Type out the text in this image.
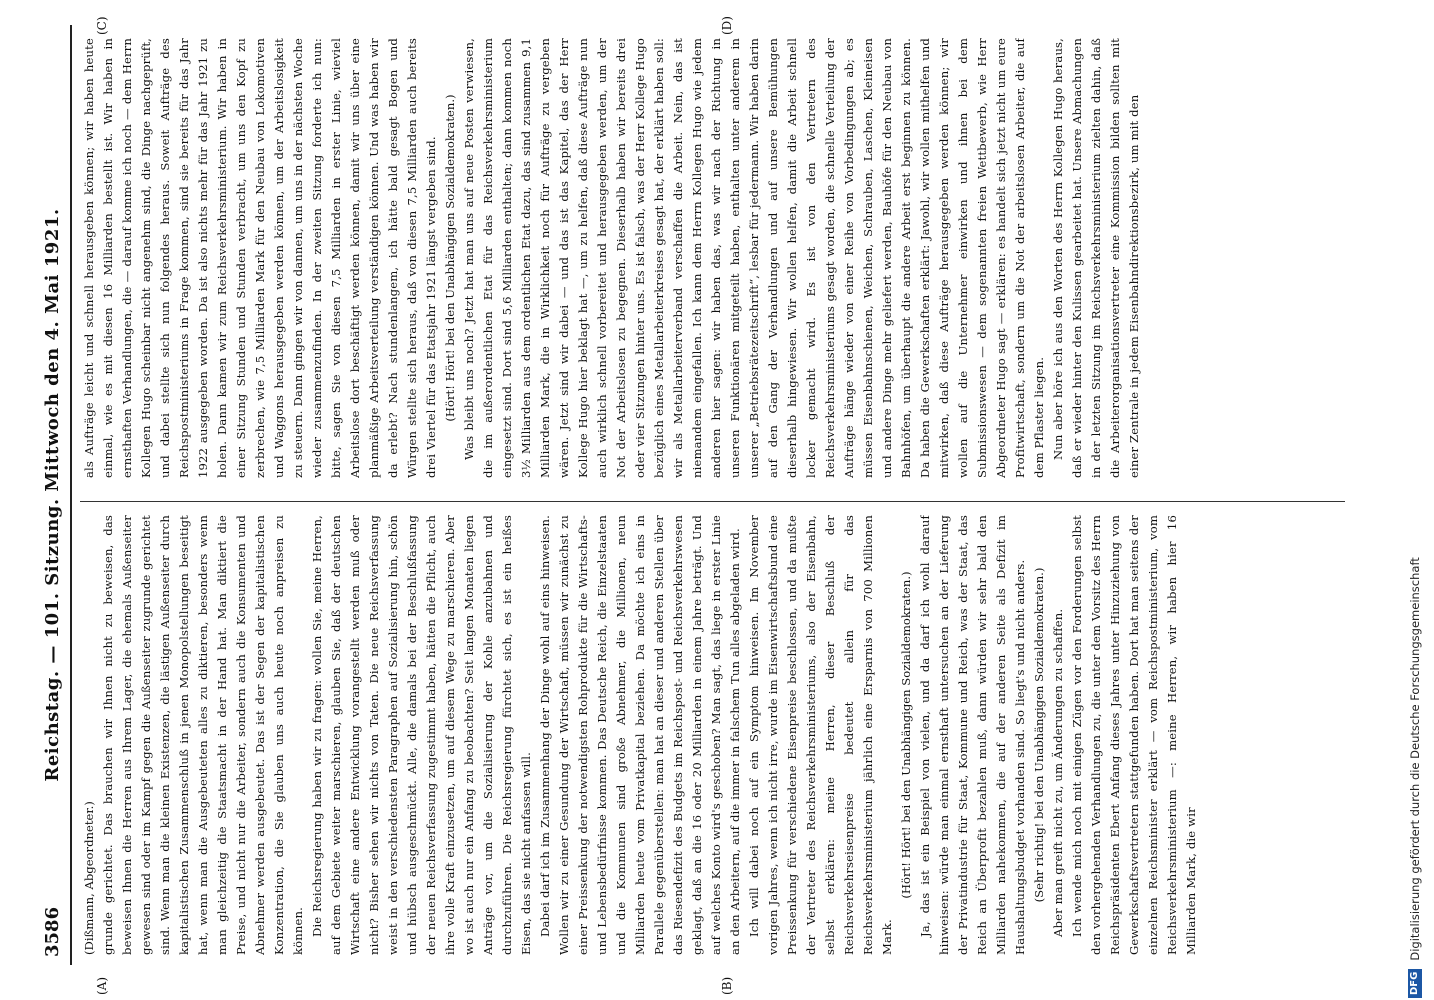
3586
Reichstag. — 101. Sitzung. Mittwoch den 4. Mai 1921.
(A)	(B)
(C)	(D)

(Dißmann, Abgeordneter.) grunde gerichtet. Das brauchen wir Ihnen nicht zu beweisen, das beweisen Ihnen die Herren aus Ihrem Lager, die ehemals Außenseiter gewesen sind oder im Kampf gegen die Außenseiter zugrunde gerichtet sind. Wenn man die kleinen Existenzen, die lästigen Außenseiter durch kapitalistischen Zusammenschluß in jenen Monopolstellungen beseitigt hat, wenn man die Ausgebeuteten alles zu diktieren, besonders wenn man gleichzeitig die Staatsmacht in der Hand hat. Man diktiert die Preise, und nicht nur die Arbeiter, sondern auch die Konsumenten und Abnehmer werden ausgebeutet. Das ist der Segen der kapitalistischen Konzentration, die Sie glauben uns auch heute noch anpreisen zu können. Die Reichsregierung haben wir zu fragen: wollen Sie, meine Herren, auf dem Gebiete weiter marschieren, glauben Sie, daß der deutschen Wirtschaft eine andere Entwicklung vorangestellt werden muß oder nicht? Bisher sehen wir nichts von Taten. Die neue Reichsverfassung weist in den verschiedensten Paragraphen auf Sozialisierung hin, schön und hübsch ausgeschmückt. Alle, die damals bei der Beschlußfassung der neuen Reichsverfassung zugestimmt haben, hätten die Pflicht, auch ihre volle Kraft einzusetzen, um auf diesem Wege zu marschieren. Aber wo ist auch nur ein Anfang zu beobachten? Seit langen Monaten liegen Anträge vor, um die Sozialisierung der Kohle anzubahnen und durchzuführen. Die Reichsregierung fürchtet sich, es ist ein heißes Eisen, das sie nicht anfassen will. Dabei darf ich im Zusammenhang der Dinge wohl auf eins hinweisen. Wollen wir zu einer Gesundung der Wirtschaft, müssen wir zunächst zu einer Preissenkung der notwendigsten Rohprodukte für die Wirtschafts- und Lebensbedürfnisse kommen. Das Deutsche Reich, die Einzelstaaten und die Kommunen sind große Abnehmer, die Millionen, neun Milliarden heute vom Privatkapital beziehen. Da möchte ich eins in Parallele gegenüberstellen: man hat an dieser und anderen Stellen über das Riesendefizit des Budgets im Reichspost- und Reichsverkehrswesen geklagt, daß an die 16 oder 20 Milliarden in einem Jahre beträgt. Und auf welches Konto wird's geschoben? Man sagt, das liege in erster Linie an den Arbeitern, auf die immer in falschem Tun alles abgeladen wird. Ich will dabei noch auf ein Symptom hinweisen. Im November vorigen Jahres, wenn ich nicht irre, wurde im Eisenwirtschaftsbund eine Preissenkung für verschiedene Eisenpreise beschlossen, und da mußte der Vertreter des Reichsverkehrsministeriums, also der Eisenbahn, selbst erklären: meine Herren, dieser Beschluß der Reichsverkehrseisenpreise bedeutet allein für das Reichsverkehrsministerium jährlich eine Ersparnis von 700 Millionen Mark.

(Hört! Hört! bei den Unabhängigen Sozialdemokraten.) Ja, das ist ein Beispiel von vielen, und da darf ich wohl darauf hinweisen: würde man einmal ernsthaft untersuchen an der Lieferung der Privatindustrie für Staat, Kommune und Reich, was der Staat, das Reich an Überprofit bezahlen muß, dann würden wir sehr bald den Milliarden nahekommen, die auf der anderen Seite als Defizit im Haushaltungsbudget vorhanden sind. So liegt's und nicht anders. (Sehr richtig! bei den Unabhängigen Sozialdemokraten.) Aber man greift nicht zu, um Änderungen zu schaffen. Ich wende mich noch mit einigen Zügen vor den Forderungen selbst den vorhergehenden Verhandlungen zu, die unter dem Vorsitz des Herrn Reichspräsidenten Ebert Anfang dieses Jahres unter Hinzuziehung von Gewerkschaftsvertretern stattgefunden haben. Dort hat man seitens der einzelnen Reichsminister erklärt — vom Reichspostministerium, vom Reichsverkehrsministerium —: meine Herren, wir haben hier 16 Milliarden Mark, die wir

als Aufträge leicht und schnell herausgeben können; wir haben heute einmal, wie es mit diesen 16 Milliarden bestellt ist. Wir haben in ernsthaften Verhandlungen, die — darauf komme ich noch — dem Herrn Kollegen Hugo scheinbar nicht angenehm sind, die Dinge nachgeprüft, und dabei stellte sich nun folgendes heraus. Soweit Aufträge des Reichspostministeriums in Frage kommen, sind sie bereits für das Jahr 1922 ausgegeben worden. Da ist also nichts mehr für das Jahr 1921 zu holen. Dann kamen wir zum Reichsverkehrsministerium. Wir haben in einer Sitzung Stunden und Stunden verbracht, um uns den Kopf zu zerbrechen, wie 7,5 Milliarden Mark für den Neubau von Lokomotiven und Waggons herausgegeben werden können, um der Arbeitslosigkeit zu steuern. Dann gingen wir von dannen, um uns in der nächsten Woche wieder zusammenzufinden. In der zweiten Sitzung forderte ich nun: bitte, sagen Sie von diesen 7,5 Milliarden in erster Linie, wieviel Arbeitslose dort beschäftigt werden können, damit wir uns über eine planmäßige Arbeitsverteilung verständigen können. Und was haben wir da erlebt? Nach stundenlangem, ich hätte bald gesagt Bogen und Würgen stellte sich heraus, daß von diesen 7,5 Milliarden auch bereits drei Viertel für das Etatsjahr 1921 längst vergeben sind. (Hört! Hört! bei den Unabhängigen Sozialdemokraten.) Was bleibt uns noch? Jetzt hat man uns auf neue Posten verwiesen, die im außerordentlichen Etat für das Reichsverkehrsministerium eingesetzt sind. Dort sind 5,6 Milliarden enthalten; dann kommen noch 3½ Milliarden aus dem ordentlichen Etat dazu, das sind zusammen 9,1 Milliarden Mark, die in Wirklichkeit noch für Aufträge zu vergeben wären. Jetzt sind wir dabei — und das ist das Kapitel, das der Herr Kollege Hugo hier beklagt hat —, um zu helfen, daß diese Aufträge nun auch wirklich schnell vorbereitet und herausgegeben werden, um der Not der Arbeitslosen zu begegnen. Dieserhalb haben wir bereits drei oder vier Sitzungen hinter uns. Es ist falsch, was der Herr Kollege Hugo bezüglich eines Metallarbeiterkreises gesagt hat, der erklärt haben soll: wir als Metallarbeiterverband verschaffen die Arbeit. Nein, das ist niemandem eingefallen. Ich kann dem Herrn Kollegen Hugo wie jedem anderen hier sagen: wir haben das, was wir nach der Richtung in unseren Funktionären mitgeteilt haben, enthalten unter anderem in unserer „Betriebsrätezeitschrift“, lesbar für jedermann. Wir haben darin auf den Gang der Verhandlungen und auf unsere Bemühungen dieserhalb hingewiesen. Wir wollen helfen, damit die Arbeit schnell locker gemacht wird. Es ist von den Vertretern des Reichsverkehrsministeriums gesagt worden, die schnelle Verteilung der Aufträge hänge wieder von einer Reihe von Vorbedingungen ab; es müssen Eisenbahnschienen, Weichen, Schrauben, Laschen, Kleineisen und andere Dinge mehr geliefert werden, Bauhöfe für den Neubau von Bahnhöfen, um überhaupt die andere Arbeit erst beginnen zu können. Da haben die Gewerkschaften erklärt: Jawohl, wir wollen mithelfen und mitwirken, daß diese Aufträge herausgegeben werden können; wir wollen auf die Unternehmer einwirken und ihnen bei dem Submissionswesen — dem sogenannten freien Wettbewerb, wie Herr Abgeordneter Hugo sagt — erklären: es handelt sich jetzt nicht um eure Profitwirtschaft, sondern um die Not der arbeitslosen Arbeiter, die auf dem Pflaster liegen. Nun aber höre ich aus den Worten des Herrn Kollegen Hugo heraus, daß er wieder hinter den Kulissen gearbeitet hat. Unsere Abmachungen in der letzten Sitzung im Reichsverkehrsministerium zielten dahin, daß die Arbeiterorganisationsvertreter eine Kommission bilden sollten mit einer Zentrale in jedem Eisenbahndirektionsbezirk, um mit den

DFG
Digitalisierung gefördert durch die Deutsche Forschungsgemeinschaft
